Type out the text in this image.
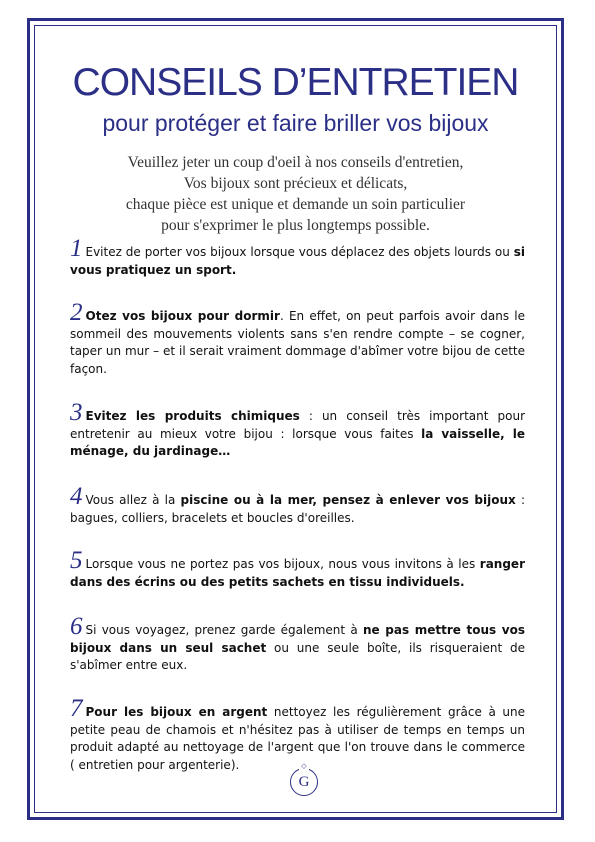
CONSEILS D’ENTRETIEN
pour protéger et faire briller vos bijoux
Veuillez jeter un coup d'oeil à nos conseils d'entretien,
Vos bijoux sont précieux et délicats,
chaque pièce est unique et demande un soin particulier
pour s'exprimer le plus longtemps possible.
1 Evitez de porter vos bijoux lorsque vous déplacez des objets lourds ou si vous pratiquez un sport.
2 Otez vos bijoux pour dormir. En effet, on peut parfois avoir dans le sommeil des mouvements violents sans s'en rendre compte – se cogner, taper un mur – et il serait vraiment dommage d'abîmer votre bijou de cette façon.
3 Evitez les produits chimiques : un conseil très important pour entretenir au mieux votre bijou : lorsque vous faites la vaisselle, le ménage, du jardinage…
4 Vous allez à la piscine ou à la mer, pensez à enlever vos bijoux : bagues, colliers, bracelets et boucles d'oreilles.
5 Lorsque vous ne portez pas vos bijoux, nous vous invitons à les ranger dans des écrins ou des petits sachets en tissu individuels.
6 Si vous voyagez, prenez garde également à ne pas mettre tous vos bijoux dans un seul sachet ou une seule boîte, ils risqueraient de s'abîmer entre eux.
7 Pour les bijoux en argent nettoyez les régulièrement grâce à une petite peau de chamois et n'hésitez pas à utiliser de temps en temps un produit adapté au nettoyage de l'argent que l'on trouve dans le commerce ( entretien pour argenterie).
G
◇
